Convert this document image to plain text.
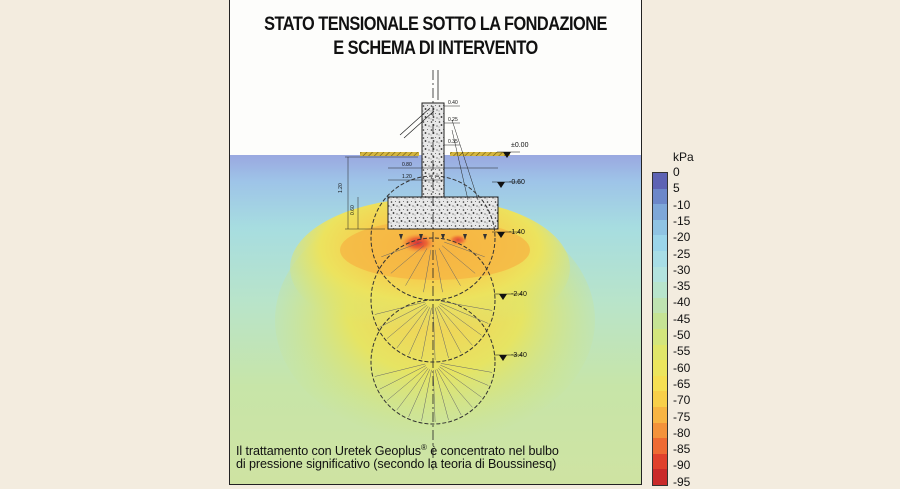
0.40
0.25
0.35
1.20
0.80
1.20
0.60
±0.00
-0.60
-1.40
-2.40
-3.40
STATO TENSIONALE SOTTO LA FONDAZIONE
E SCHEMA DI INTERVENTO
Il trattamento con Uretek Geoplus® è concentrato nel bulbo
di pressione significativo (secondo la teoria di Boussinesq)
kPa
0
5
-10
-15
-20
-25
-30
-35
-40
-45
-50
-55
-60
-65
-70
-75
-80
-85
-90
-95
